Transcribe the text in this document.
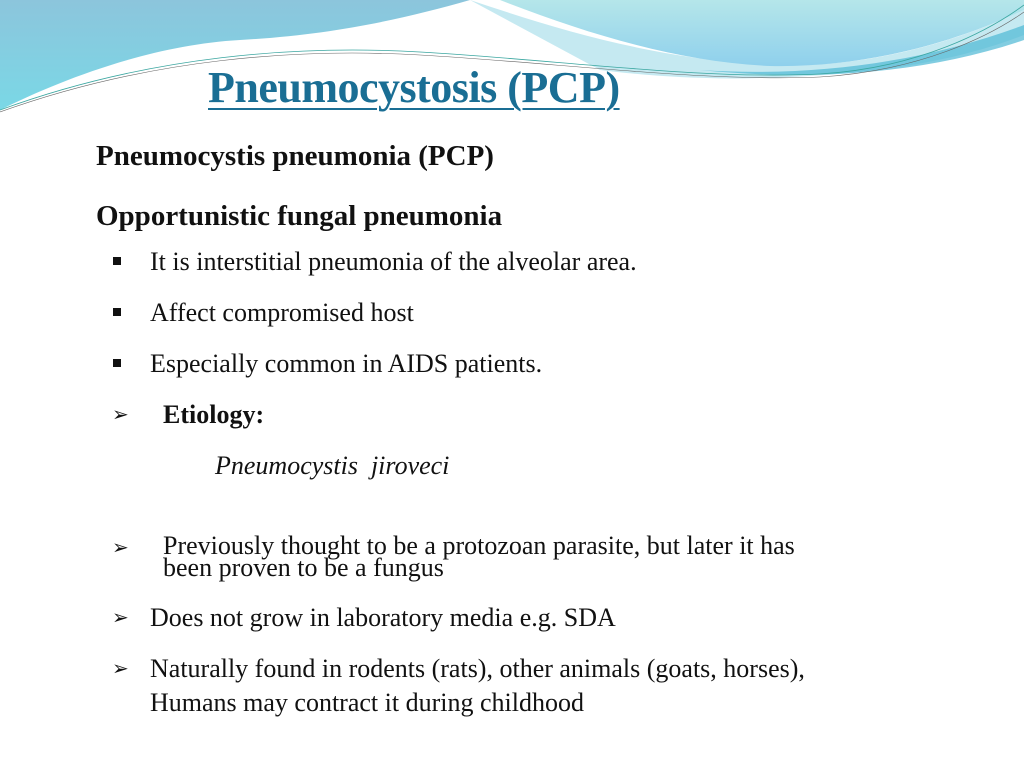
Pneumocystosis (PCP)
Pneumocystis pneumonia (PCP)
Opportunistic fungal pneumonia
It is interstitial pneumonia of the alveolar area.
Affect compromised host
Especially common in AIDS patients.
➢ Etiology:
Pneumocystis  jiroveci
➢ Previously thought to be a protozoan parasite, but later it has
been proven to be a fungus
➢ Does not grow in laboratory media e.g. SDA
➢ Naturally found in rodents (rats), other animals (goats, horses),
Humans may contract it during childhood
